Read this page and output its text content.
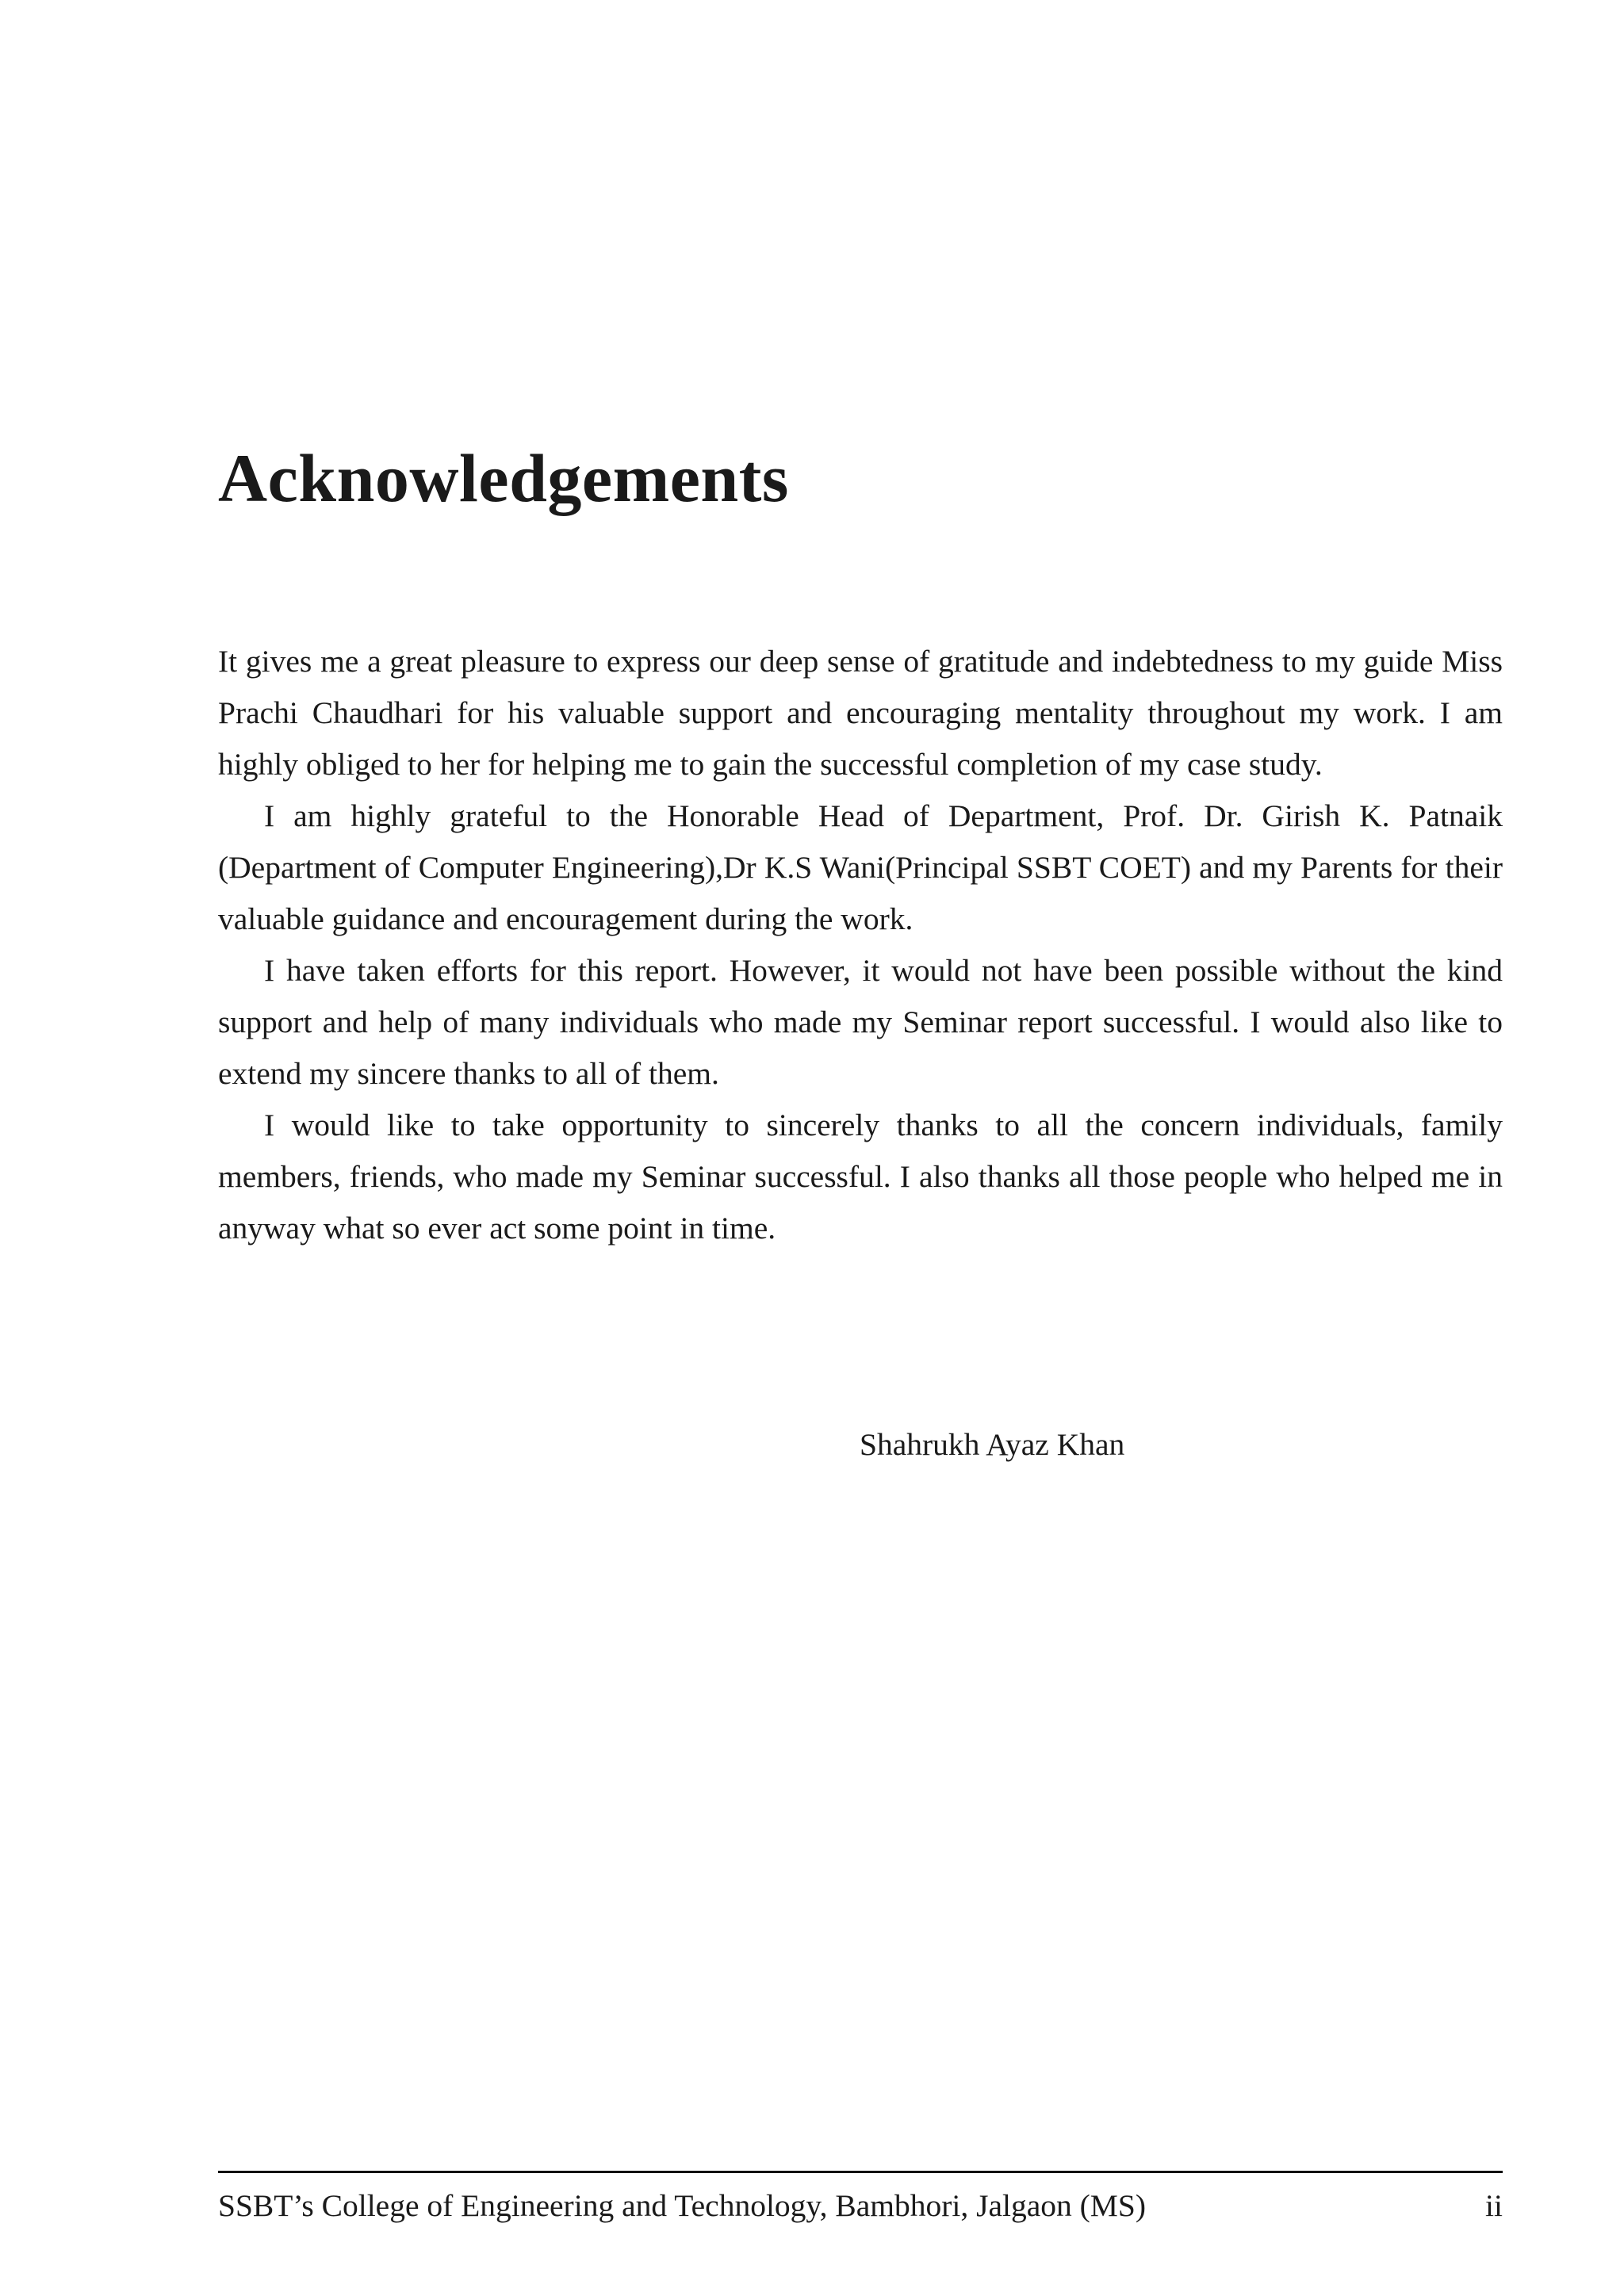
Acknowledgements

It gives me a great pleasure to express our deep sense of gratitude and indebtedness to my guide Miss Prachi Chaudhari for his valuable support and encouraging mentality throughout my work. I am highly obliged to her for helping me to gain the successful completion of my case study.

I am highly grateful to the Honorable Head of Department, Prof. Dr. Girish K. Patnaik (Department of Computer Engineering),Dr K.S Wani(Principal SSBT COET) and my Parents for their valuable guidance and encouragement during the work.

I have taken efforts for this report. However, it would not have been possible without the kind support and help of many individuals who made my Seminar report successful. I would also like to extend my sincere thanks to all of them.

I would like to take opportunity to sincerely thanks to all the concern individuals, family members, friends, who made my Seminar successful. I also thanks all those people who helped me in anyway what so ever act some point in time.

Shahrukh Ayaz Khan
SSBT’s College of Engineering and Technology, Bambhori, Jalgaon (MS)	ii
